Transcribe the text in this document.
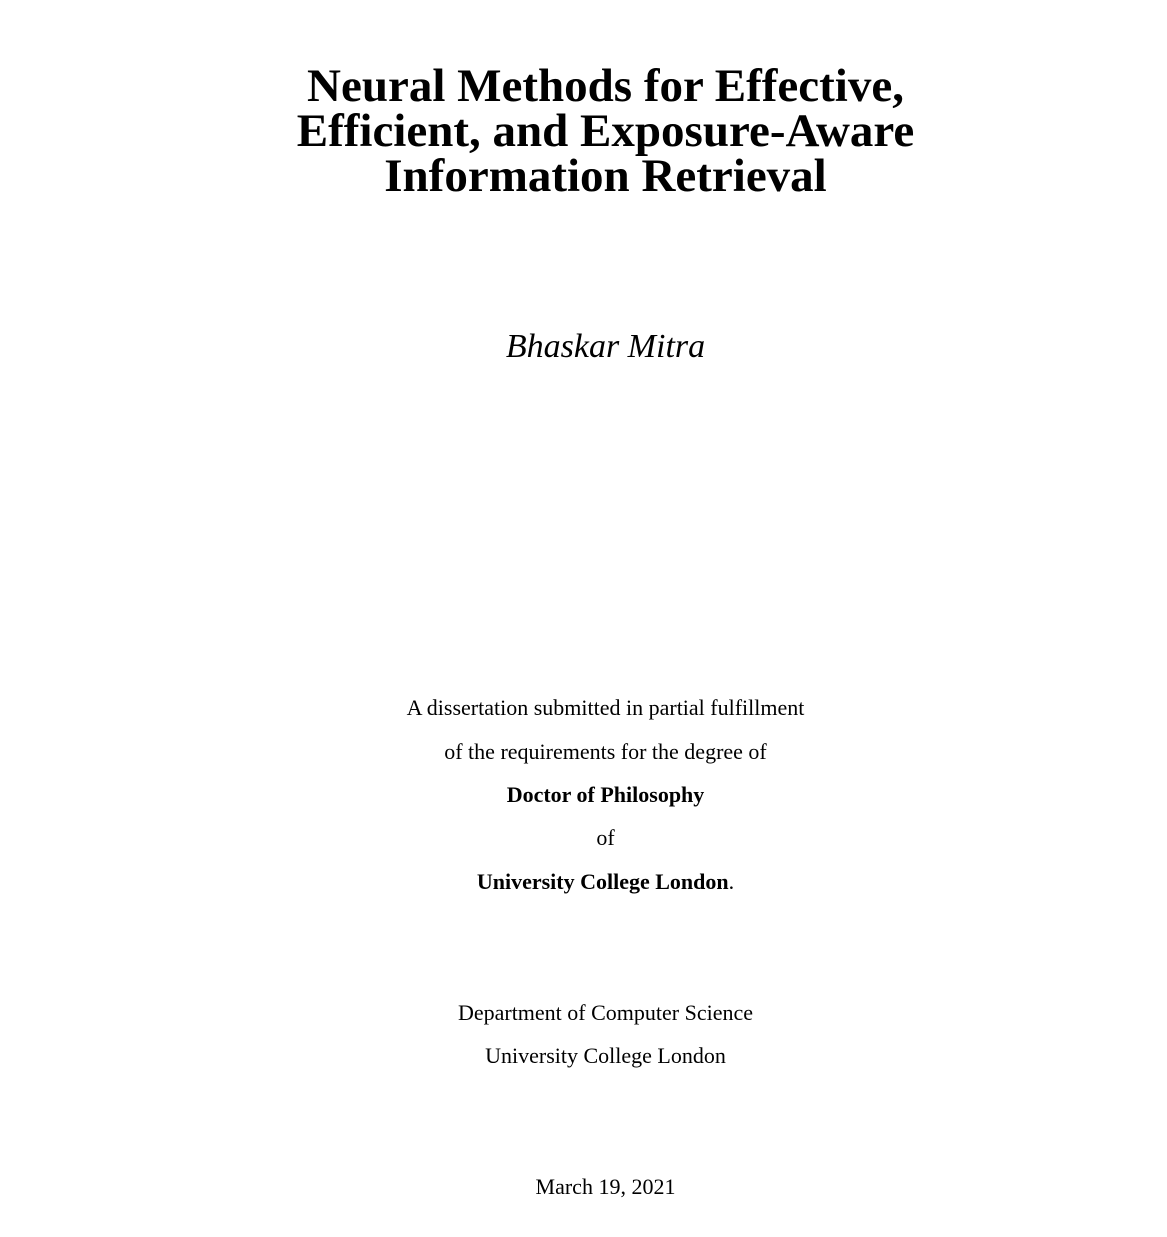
Neural Methods for Effective,
Efficient, and Exposure-Aware
Information Retrieval
Bhaskar Mitra
A dissertation submitted in partial fulfillment
of the requirements for the degree of
Doctor of Philosophy
of
University College London.
Department of Computer Science
University College London
March 19, 2021
